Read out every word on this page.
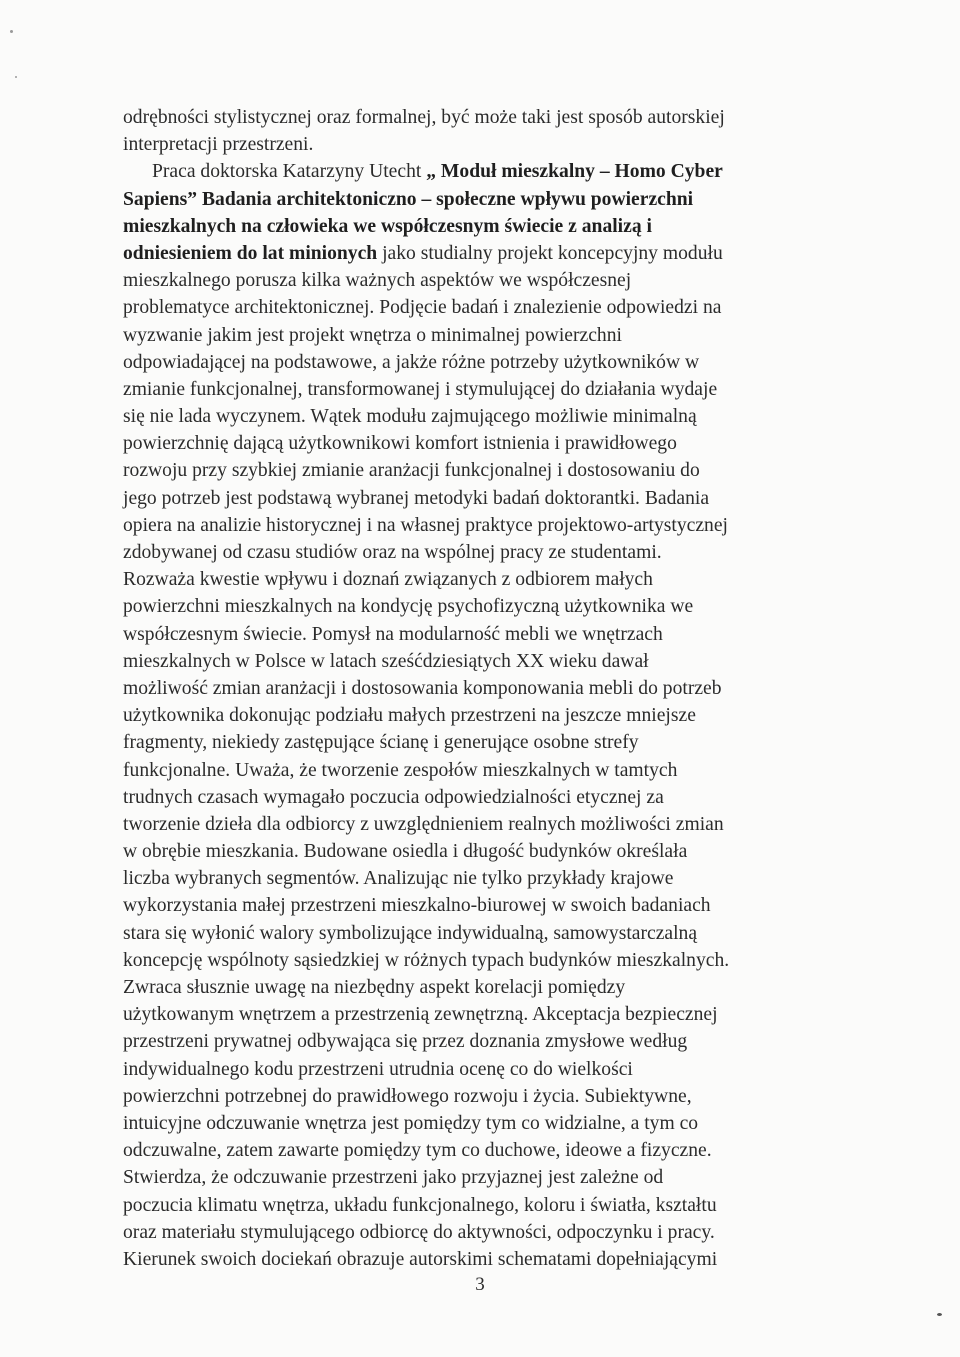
odrębności stylistycznej oraz formalnej, być może taki jest sposób autorskiej
interpretacji przestrzeni.
Praca doktorska Katarzyny Utecht „ Moduł mieszkalny – Homo Cyber
Sapiens” Badania architektoniczno – społeczne wpływu powierzchni
mieszkalnych na człowieka we współczesnym świecie z analizą i
odniesieniem do lat minionych jako studialny projekt koncepcyjny modułu
mieszkalnego porusza kilka ważnych aspektów we współczesnej
problematyce architektonicznej. Podjęcie badań i znalezienie odpowiedzi na
wyzwanie jakim jest projekt wnętrza o minimalnej powierzchni
odpowiadającej na podstawowe, a jakże różne potrzeby użytkowników w
zmianie funkcjonalnej, transformowanej i stymulującej do działania wydaje
się nie lada wyczynem. Wątek modułu zajmującego możliwie minimalną
powierzchnię dającą użytkownikowi komfort istnienia i prawidłowego
rozwoju przy szybkiej zmianie aranżacji funkcjonalnej i dostosowaniu do
jego potrzeb jest podstawą wybranej metodyki badań doktorantki. Badania
opiera na analizie historycznej i na własnej praktyce projektowo-artystycznej
zdobywanej od czasu studiów oraz na wspólnej pracy ze studentami.
Rozważa kwestie wpływu i doznań związanych z odbiorem małych
powierzchni mieszkalnych na kondycję psychofizyczną użytkownika we
współczesnym świecie. Pomysł na modularność mebli we wnętrzach
mieszkalnych w Polsce w latach sześćdziesiątych XX wieku dawał
możliwość zmian aranżacji i dostosowania komponowania mebli do potrzeb
użytkownika dokonując podziału małych przestrzeni na jeszcze mniejsze
fragmenty, niekiedy zastępujące ścianę i generujące osobne strefy
funkcjonalne. Uważa, że tworzenie zespołów mieszkalnych w tamtych
trudnych czasach wymagało poczucia odpowiedzialności etycznej za
tworzenie dzieła dla odbiorcy z uwzględnieniem realnych możliwości zmian
w obrębie mieszkania. Budowane osiedla i długość budynków określała
liczba wybranych segmentów. Analizując nie tylko przykłady krajowe
wykorzystania małej przestrzeni mieszkalno-biurowej w swoich badaniach
stara się wyłonić walory symbolizujące indywidualną, samowystarczalną
koncepcję wspólnoty sąsiedzkiej w różnych typach budynków mieszkalnych.
Zwraca słusznie uwagę na niezbędny aspekt korelacji pomiędzy
użytkowanym wnętrzem a przestrzenią zewnętrzną. Akceptacja bezpiecznej
przestrzeni prywatnej odbywająca się przez doznania zmysłowe według
indywidualnego kodu przestrzeni utrudnia ocenę co do wielkości
powierzchni potrzebnej do prawidłowego rozwoju i życia. Subiektywne,
intuicyjne odczuwanie wnętrza jest pomiędzy tym co widzialne, a tym co
odczuwalne, zatem zawarte pomiędzy tym co duchowe, ideowe a fizyczne.
Stwierdza, że odczuwanie przestrzeni jako przyjaznej jest zależne od
poczucia klimatu wnętrza, układu funkcjonalnego, koloru i światła, kształtu
oraz materiału stymulującego odbiorcę do aktywności, odpoczynku i pracy.
Kierunek swoich dociekań obrazuje autorskimi schematami dopełniającymi
3
